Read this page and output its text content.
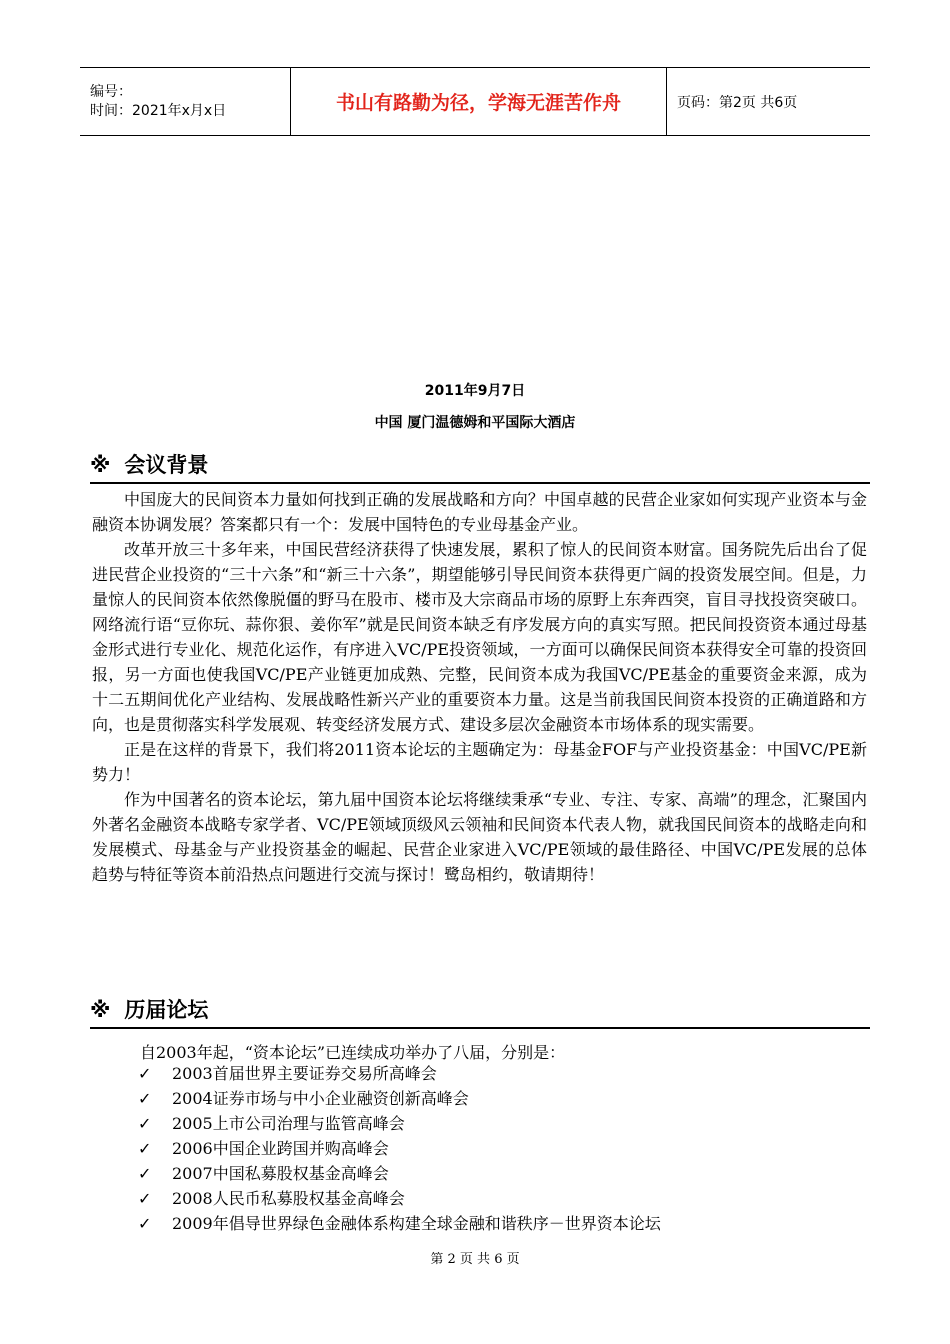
编号：
时间：2021年x月x日	书山有路勤为径，学海无涯苦作舟	页码：第2页 共6页
2011年9月7日
中国 厦门温德姆和平国际大酒店
※ 会议背景

中国庞大的民间资本力量如何找到正确的发展战略和方向？中国卓越的民营企业家如何实现产业资本与金融资本协调发展？答案都只有一个：发展中国特色的专业母基金产业。

改革开放三十多年来，中国民营经济获得了快速发展，累积了惊人的民间资本财富。国务院先后出台了促进民营企业投资的“三十六条”和“新三十六条”，期望能够引导民间资本获得更广阔的投资发展空间。但是，力量惊人的民间资本依然像脱僵的野马在股市、楼市及大宗商品市场的原野上东奔西突，盲目寻找投资突破口。网络流行语“豆你玩、蒜你狠、姜你军”就是民间资本缺乏有序发展方向的真实写照。把民间投资资本通过母基金形式进行专业化、规范化运作，有序进入VC/PE投资领域，一方面可以确保民间资本获得安全可靠的投资回报，另一方面也使我国VC/PE产业链更加成熟、完整，民间资本成为我国VC/PE基金的重要资金来源，成为十二五期间优化产业结构、发展战略性新兴产业的重要资本力量。这是当前我国民间资本投资的正确道路和方向，也是贯彻落实科学发展观、转变经济发展方式、建设多层次金融资本市场体系的现实需要。

正是在这样的背景下，我们将2011资本论坛的主题确定为：母基金FOF与产业投资基金：中国VC/PE新势力！

作为中国著名的资本论坛，第九届中国资本论坛将继续秉承“专业、专注、专家、高端”的理念，汇聚国内外著名金融资本战略专家学者、VC/PE领域顶级风云领袖和民间资本代表人物，就我国民间资本的战略走向和发展模式、母基金与产业投资基金的崛起、民营企业家进入VC/PE领域的最佳路径、中国VC/PE发展的总体趋势与特征等资本前沿热点问题进行交流与探讨！鹭岛相约，敬请期待！

※ 历届论坛
自2003年起，“资本论坛”已连续成功举办了八届，分别是：
✓ 2003首届世界主要证券交易所高峰会
✓ 2004证券市场与中小企业融资创新高峰会
✓ 2005上市公司治理与监管高峰会
✓ 2006中国企业跨国并购高峰会
✓ 2007中国私募股权基金高峰会
✓ 2008人民币私募股权基金高峰会
✓ 2009年倡导世界绿色金融体系构建全球金融和谐秩序－世界资本论坛
第 2 页 共 6 页
